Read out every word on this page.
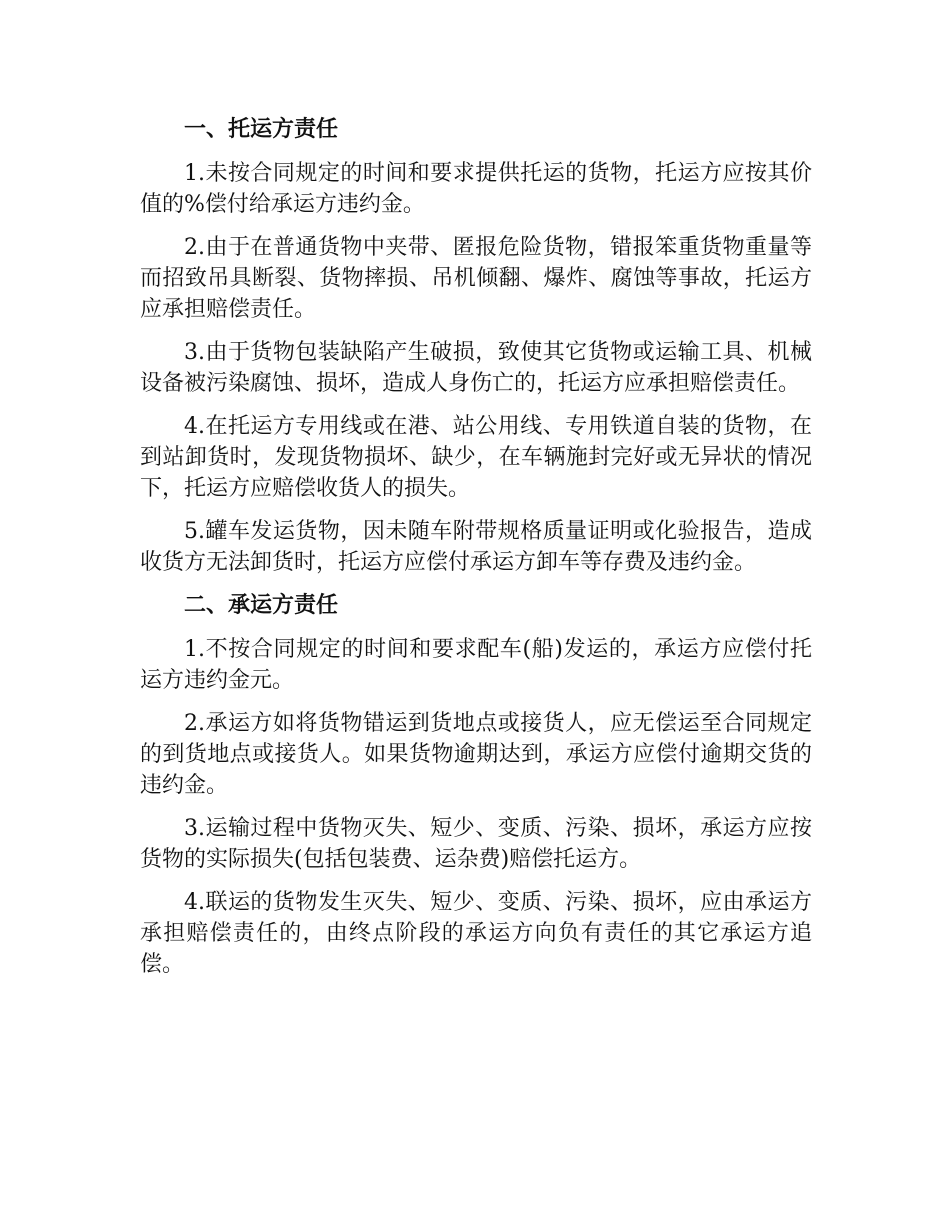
一、托运方责任

1.未按合同规定的时间和要求提供托运的货物，托运方应按其价值的%偿付给承运方违约金。

2.由于在普通货物中夹带、匿报危险货物，错报笨重货物重量等而招致吊具断裂、货物摔损、吊机倾翻、爆炸、腐蚀等事故，托运方应承担赔偿责任。

3.由于货物包装缺陷产生破损，致使其它货物或运输工具、机械设备被污染腐蚀、损坏，造成人身伤亡的，托运方应承担赔偿责任。

4.在托运方专用线或在港、站公用线、专用铁道自装的货物，在到站卸货时，发现货物损坏、缺少，在车辆施封完好或无异状的情况下，托运方应赔偿收货人的损失。

5.罐车发运货物，因未随车附带规格质量证明或化验报告，造成收货方无法卸货时，托运方应偿付承运方卸车等存费及违约金。

二、承运方责任

1.不按合同规定的时间和要求配车(船)发运的，承运方应偿付托运方违约金元。

2.承运方如将货物错运到货地点或接货人，应无偿运至合同规定的到货地点或接货人。如果货物逾期达到，承运方应偿付逾期交货的违约金。

3.运输过程中货物灭失、短少、变质、污染、损坏，承运方应按货物的实际损失(包括包装费、运杂费)赔偿托运方。

4.联运的货物发生灭失、短少、变质、污染、损坏，应由承运方承担赔偿责任的，由终点阶段的承运方向负有责任的其它承运方追偿。
